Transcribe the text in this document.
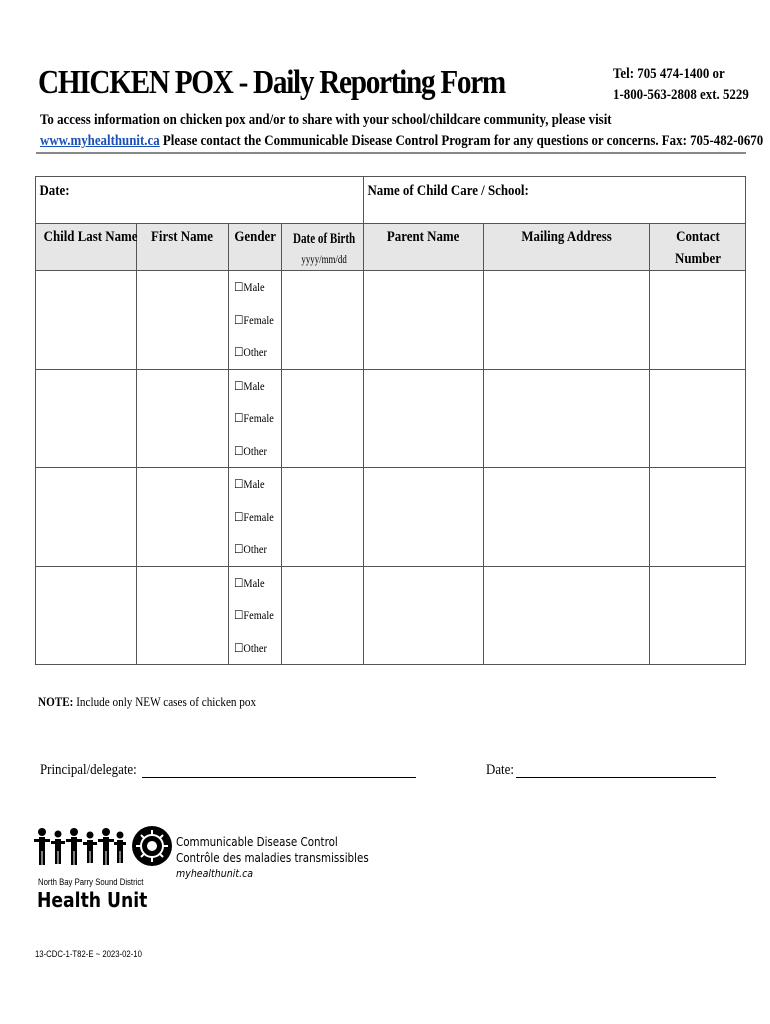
CHICKEN POX - Daily Reporting Form	Tel: 705 474-1400 or
1-800-563-2808 ext. 5229
To access information on chicken pox and/or to share with your school/childcare community, please visit
www.myhealthunit.ca Please contact the Communicable Disease Control Program for any questions or concerns. Fax: 705-482-0670
Date:				Name of Child Care / School:		
Child Last Name	First Name	Gender	Date of Birth
yyyy/mm/dd	Parent Name	Mailing Address	Contact Number

		☐Male
☐Female
☐Other				

		☐Male
☐Female
☐Other				

		☐Male
☐Female
☐Other				

		☐Male
☐Female
☐Other				

NOTE: Include only NEW cases of chicken pox
Principal/delegate:	Date:
North Bay Parry Sound District
Health Unit
Communicable Disease Control
Contrôle des maladies transmissibles
myhealthunit.ca
13-CDC-1-T82-E ~ 2023-02-10
